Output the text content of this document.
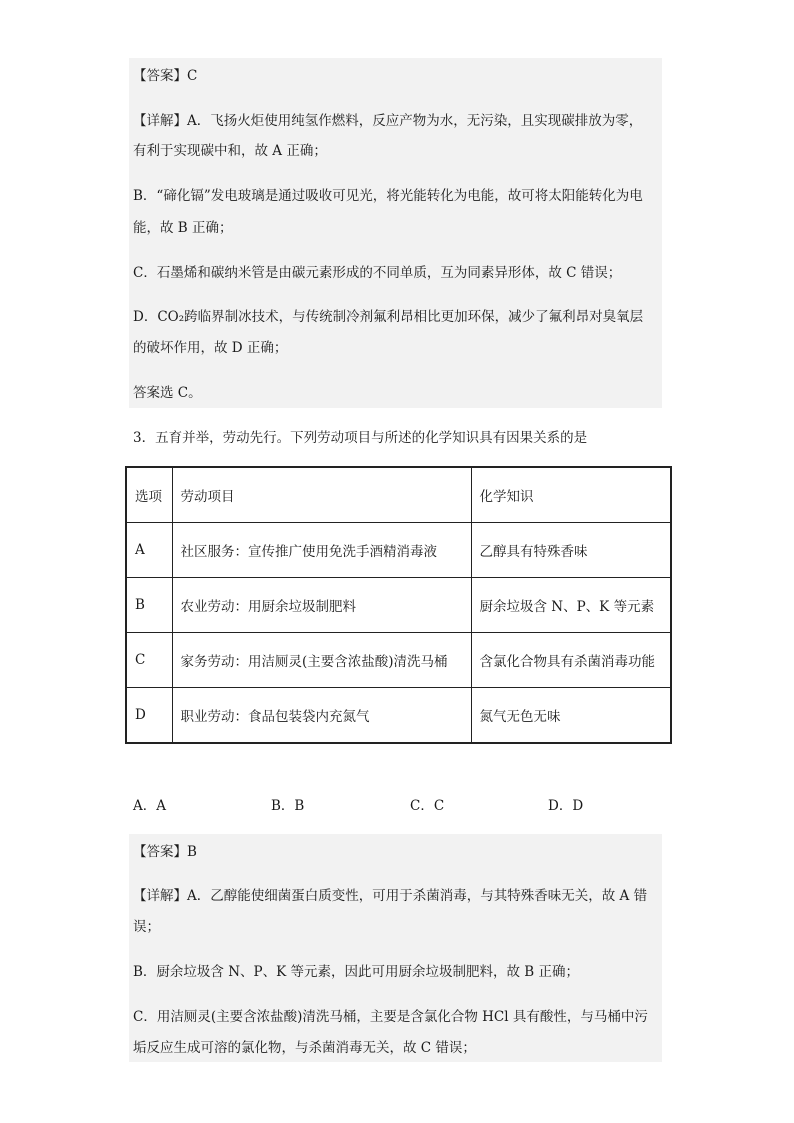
【答案】C
【详解】A．飞扬火炬使用纯氢作燃料，反应产物为水，无污染，且实现碳排放为零，
有利于实现碳中和，故 A 正确；
B．“碲化镉”发电玻璃是通过吸收可见光，将光能转化为电能，故可将太阳能转化为电
能，故 B 正确；
C．石墨烯和碳纳米管是由碳元素形成的不同单质，互为同素异形体，故 C 错误；
D．CO₂跨临界制冰技术，与传统制冷剂氟利昂相比更加环保，减少了氟利昂对臭氧层
的破坏作用，故 D 正确；
答案选 C。
3．五育并举，劳动先行。下列劳动项目与所述的化学知识具有因果关系的是
选项	劳动项目	化学知识
A	社区服务：宣传推广使用免洗手酒精消毒液	乙醇具有特殊香味
B	农业劳动：用厨余垃圾制肥料	厨余垃圾含 N、P、K 等元素
C	家务劳动：用洁厕灵(主要含浓盐酸)清洗马桶	含氯化合物具有杀菌消毒功能
D	职业劳动：食品包装袋内充氮气	氮气无色无味
A．A	B．B	C．C	D．D
【答案】B
【详解】A．乙醇能使细菌蛋白质变性，可用于杀菌消毒，与其特殊香味无关，故 A 错
误；
B．厨余垃圾含 N、P、K 等元素，因此可用厨余垃圾制肥料，故 B 正确；
C．用洁厕灵(主要含浓盐酸)清洗马桶，主要是含氯化合物 HCl 具有酸性，与马桶中污
垢反应生成可溶的氯化物，与杀菌消毒无关，故 C 错误；
